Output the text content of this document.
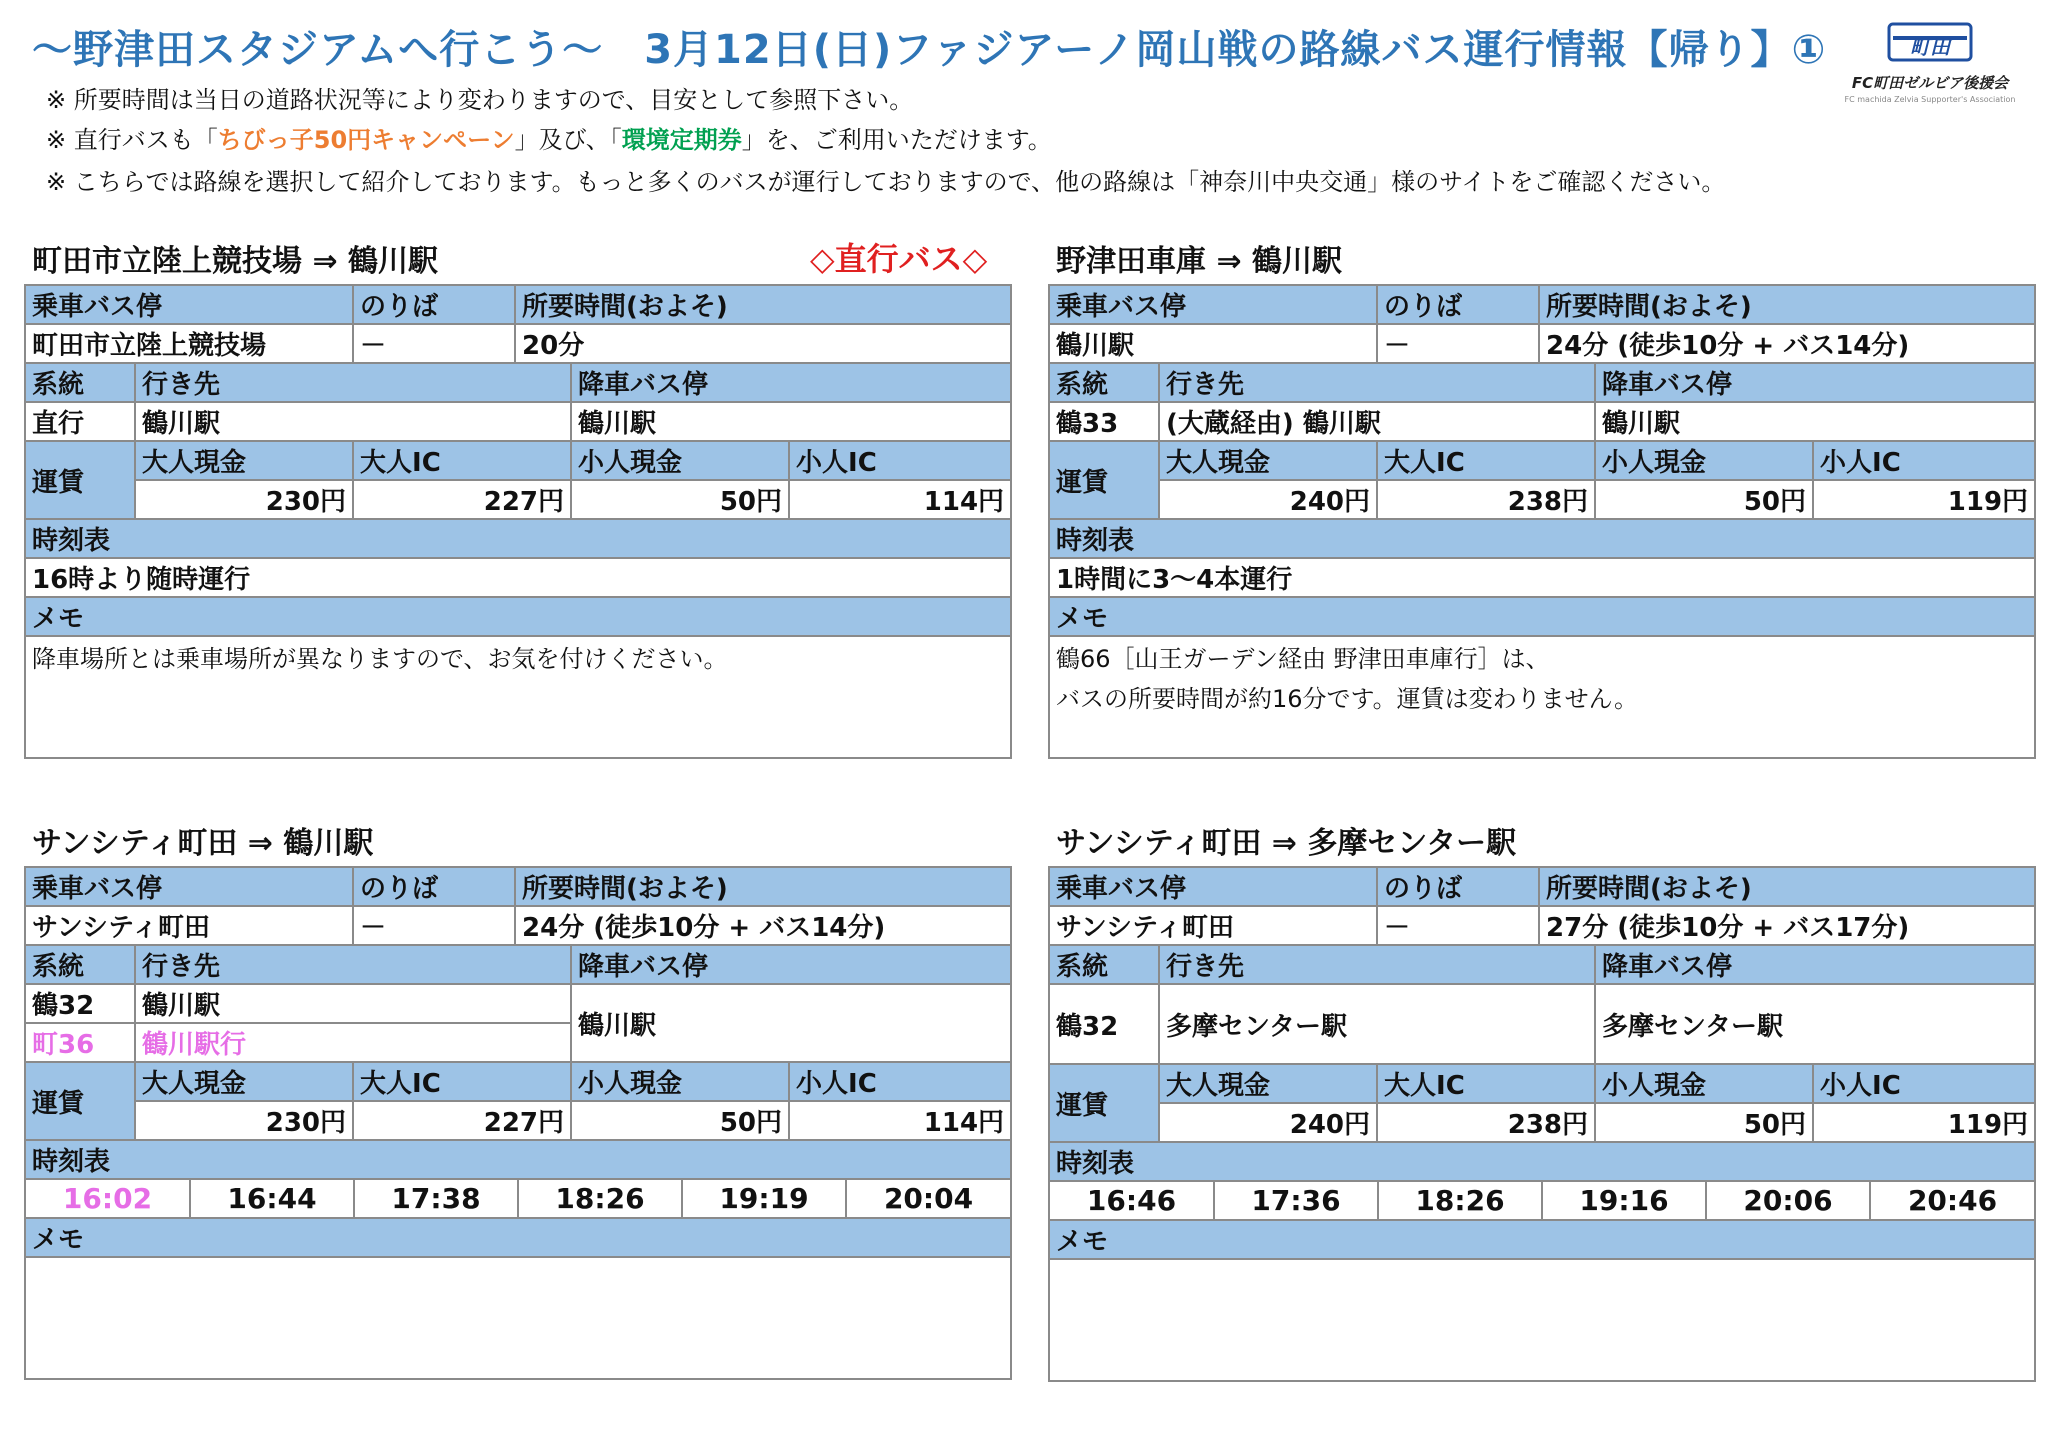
～野津田スタジアムへ行こう～　3月12日(日)ファジアーノ岡山戦の路線バス運行情報【帰り】①
※ 所要時間は当日の道路状況等により変わりますので、目安として参照下さい。
※ 直行バスも「ちびっ子50円キャンペーン」及び、「環境定期券」を、ご利用いただけます。
※ こちらでは路線を選択して紹介しております。もっと多くのバスが運行しておりますので、他の路線は「神奈川中央交通」様のサイトをご確認ください。
町田
FC町田ゼルビア後援会
FC machida Zelvia Supporter's Association
町田市立陸上競技場 ⇒ 鶴川駅	◇直行バス◇
乗車バス停		のりば	所要時間(およそ)		
町田市立陸上競技場		－	20分		
系統	行き先			降車バス停	
直行	鶴川駅			鶴川駅	
運賃	大人現金	大人IC		小人現金	小人IC
	230円	227円		50円	114円
時刻表					
16時より随時運行					
メモ					
降車場所とは乗車場所が異なりますので、お気を付けください。					
野津田車庫 ⇒ 鶴川駅
乗車バス停		のりば	所要時間(およそ)		
鶴川駅		－	24分 (徒歩10分 + バス14分)		
系統	行き先			降車バス停	
鶴33	(大蔵経由) 鶴川駅			鶴川駅	
運賃	大人現金	大人IC		小人現金	小人IC
	240円	238円		50円	119円
時刻表					
1時間に3～4本運行					
メモ					
鶴66［山王ガーデン経由 野津田車庫行］は、
バスの所要時間が約16分です。運賃は変わりません。					
サンシティ町田 ⇒ 鶴川駅
乗車バス停	のりば	所要時間(およそ)
サンシティ町田	－	24分 (徒歩10分 + バス14分)
系統	行き先	降車バス停
鶴32	鶴川駅	鶴川駅
町36	鶴川駅行
運賃	大人現金	大人IC	小人現金	小人IC
230円	227円	50円	114円
時刻表

16:02	16:44	17:38	18:26	19:19	20:04

メモ

サンシティ町田 ⇒ 多摩センター駅
乗車バス停	のりば	所要時間(およそ)
サンシティ町田	－	27分 (徒歩10分 + バス17分)
系統	行き先	降車バス停
鶴32	多摩センター駅	多摩センター駅
運賃	大人現金	大人IC	小人現金	小人IC
240円	238円	50円	119円
時刻表

16:46	17:36	18:26	19:16	20:06	20:46

メモ
